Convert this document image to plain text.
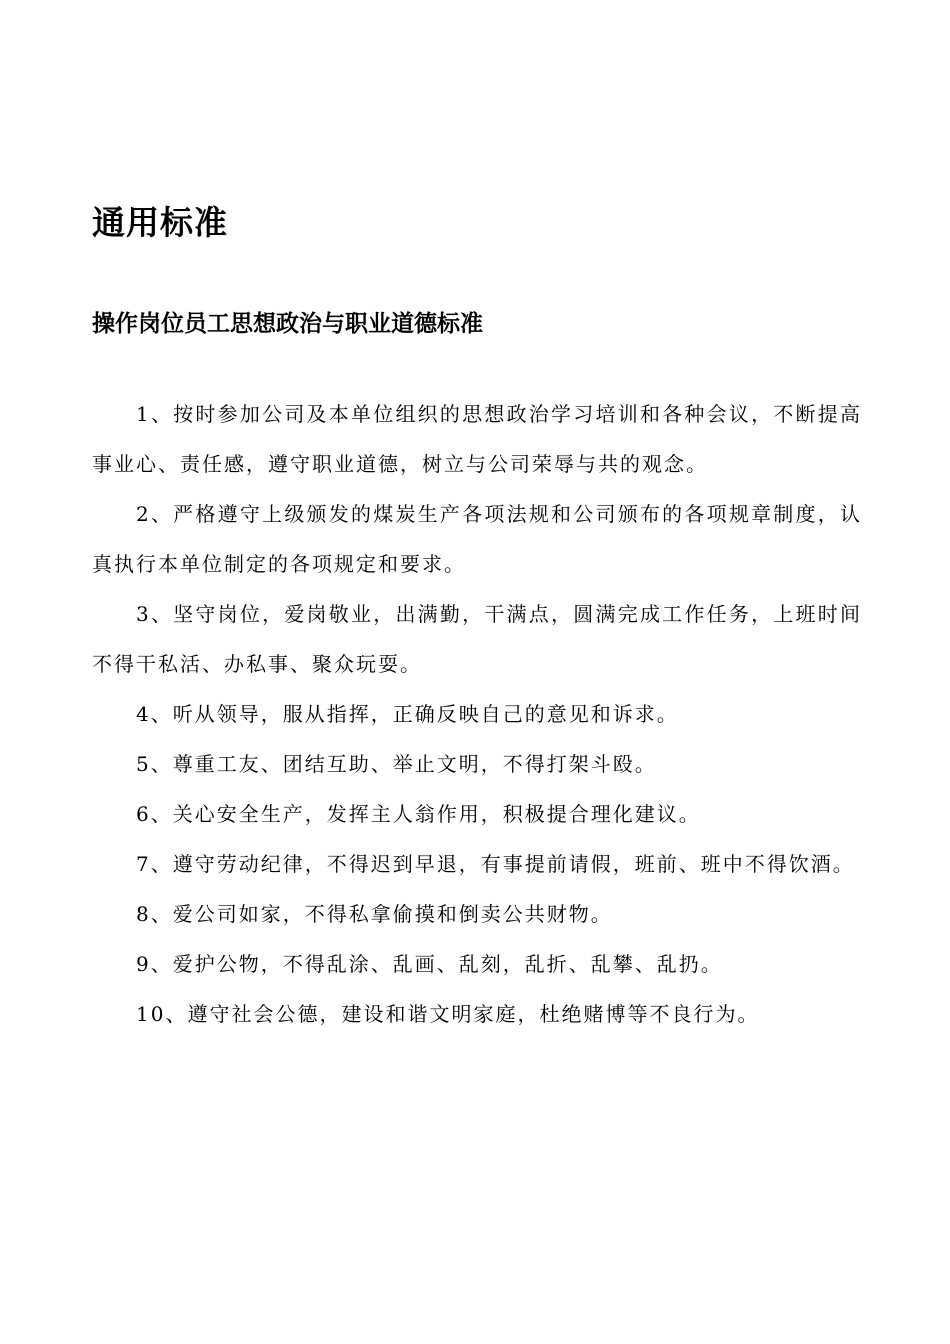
通用标准
操作岗位员工思想政治与职业道德标准

1、按时参加公司及本单位组织的思想政治学习培训和各种会议，不断提高事业心、责任感，遵守职业道德，树立与公司荣辱与共的观念。

2、严格遵守上级颁发的煤炭生产各项法规和公司颁布的各项规章制度，认真执行本单位制定的各项规定和要求。

3、坚守岗位，爱岗敬业，出满勤，干满点，圆满完成工作任务，上班时间不得干私活、办私事、聚众玩耍。

4、听从领导，服从指挥，正确反映自己的意见和诉求。

5、尊重工友、团结互助、举止文明，不得打架斗殴。

6、关心安全生产，发挥主人翁作用，积极提合理化建议。

7、遵守劳动纪律，不得迟到早退，有事提前请假，班前、班中不得饮酒。

8、爱公司如家，不得私拿偷摸和倒卖公共财物。

9、爱护公物，不得乱涂、乱画、乱刻，乱折、乱攀、乱扔。

10、遵守社会公德，建设和谐文明家庭，杜绝赌博等不良行为。
